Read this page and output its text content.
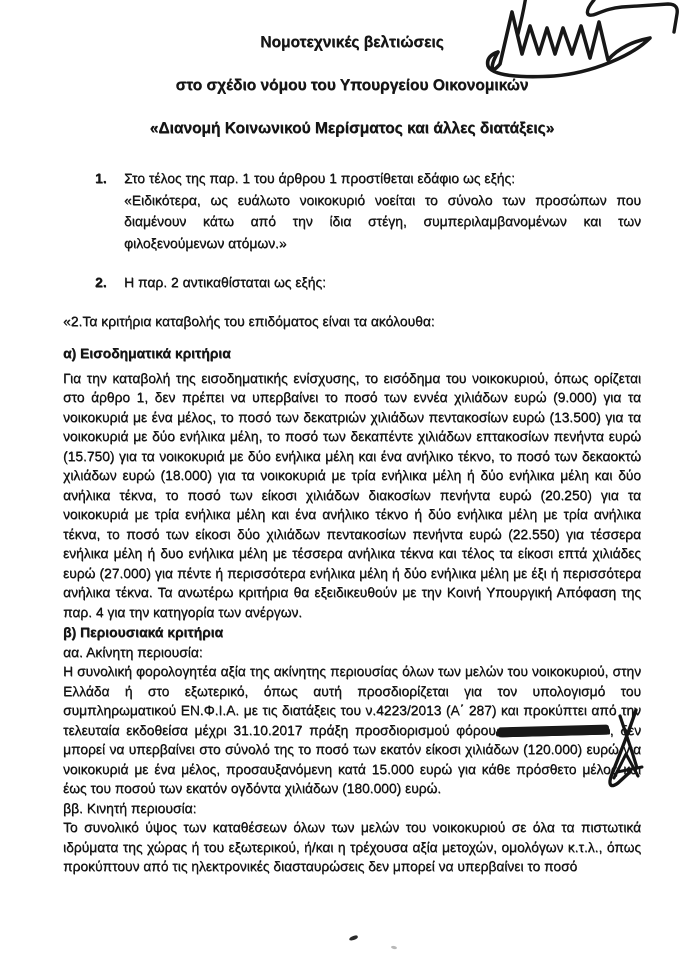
Νομοτεχνικές βελτιώσεις
στο σχέδιο νόμου του Υπουργείου Οικονομικών
«Διανομή Κοινωνικού Μερίσματος και άλλες διατάξεις»
1.	Στο τέλος της παρ. 1 του άρθρου 1 προστίθεται εδάφιο ως εξής:
«Ειδικότερα, ως ευάλωτο νοικοκυριό νοείται το σύνολο των προσώπων που διαμένουν κάτω από την ίδια στέγη, συμπεριλαμβανομένων και των φιλοξενούμενων ατόμων.»
2.	Η παρ. 2 αντικαθίσταται ως εξής:
«2.Τα κριτήρια καταβολής του επιδόματος είναι τα ακόλουθα:
α) Εισοδηματικά κριτήρια

Για την καταβολή της εισοδηματικής ενίσχυσης, το εισόδημα του νοικοκυριού, όπως ορίζεται στο άρθρο 1, δεν πρέπει να υπερβαίνει το ποσό των εννέα χιλιάδων ευρώ (9.000) για τα νοικοκυριά με ένα μέλος, το ποσό των δεκατριών χιλιάδων πεντακοσίων ευρώ (13.500) για τα νοικοκυριά με δύο ενήλικα μέλη, το ποσό των δεκαπέντε χιλιάδων επτακοσίων πενήντα ευρώ (15.750) για τα νοικοκυριά με δύο ενήλικα μέλη και ένα ανήλικο τέκνο, το ποσό των δεκαοκτώ χιλιάδων ευρώ (18.000) για τα νοικοκυριά με τρία ενήλικα μέλη ή δύο ενήλικα μέλη και δύο ανήλικα τέκνα, το ποσό των είκοσι χιλιάδων διακοσίων πενήντα ευρώ (20.250) για τα νοικοκυριά με τρία ενήλικα μέλη και ένα ανήλικο τέκνο ή δύο ενήλικα μέλη με τρία ανήλικα τέκνα, το ποσό των είκοσι δύο χιλιάδων πεντακοσίων πενήντα ευρώ (22.550) για τέσσερα ενήλικα μέλη ή δυο ενήλικα μέλη με τέσσερα ανήλικα τέκνα και τέλος τα είκοσι επτά χιλιάδες ευρώ (27.000) για πέντε ή περισσότερα ενήλικα μέλη ή δύο ενήλικα μέλη με έξι ή περισσότερα ανήλικα τέκνα. Τα ανωτέρω κριτήρια θα εξειδικευθούν με την Κοινή Υπουργική Απόφαση της παρ. 4 για την κατηγορία των ανέργων.

β) Περιουσιακά κριτήρια
αα. Ακίνητη περιουσία:

Η συνολική φορολογητέα αξία της ακίνητης περιουσίας όλων των μελών του νοικοκυριού, στην Ελλάδα ή στο εξωτερικό, όπως αυτή προσδιορίζεται για τον υπολογισμό του συμπληρωματικού ΕΝ.Φ.Ι.Α. με τις διατάξεις του ν.4223/2013 (Α΄ 287) και προκύπτει από την τελευταία εκδοθείσα μέχρι 31.10.2017 πράξη προσδιορισμού φόρου	, δεν μπορεί να υπερβαίνει στο σύνολό της το ποσό των εκατόν είκοσι χιλιάδων (120.000) ευρώ για νοικοκυριά με ένα μέλος, προσαυξανόμενη κατά 15.000 ευρώ για κάθε πρόσθετο μέλος και έως του ποσού των εκατόν ογδόντα χιλιάδων (180.000) ευρώ.

ββ. Κινητή περιουσία:

Το συνολικό ύψος των καταθέσεων όλων των μελών του νοικοκυριού σε όλα τα πιστωτικά ιδρύματα της χώρας ή του εξωτερικού, ή/και η τρέχουσα αξία μετοχών, ομολόγων κ.τ.λ., όπως προκύπτουν από τις ηλεκτρονικές διασταυρώσεις δεν μπορεί να υπερβαίνει το ποσό
